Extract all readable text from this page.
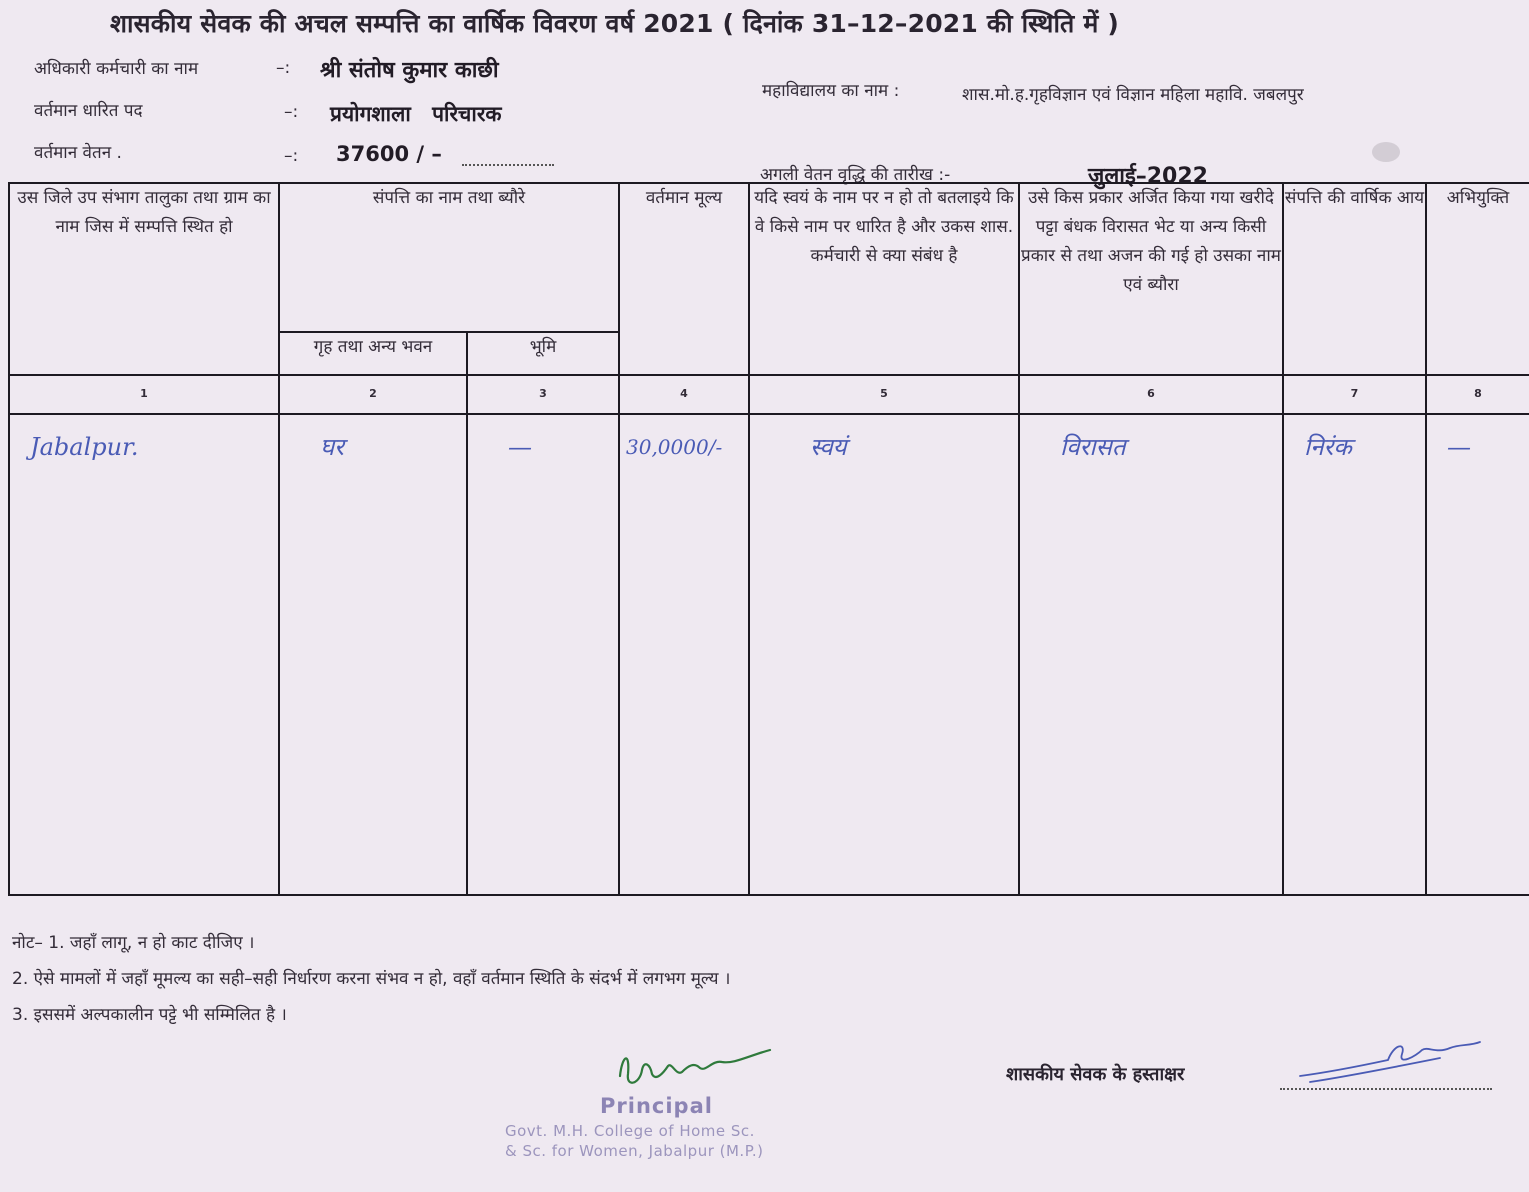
शासकीय सेवक की अचल सम्पत्ति का वार्षिक विवरण वर्ष 2021 ( दिनांक 31–12–2021 की स्थिति में )
अधिकारी कर्मचारी का नाम	–: श्री संतोष कुमार काछी
वर्तमान धारित पद	–: प्रयोगशाला परिचारक
वर्तमान वेतन .	–: 37600 / –
महाविद्यालय का नाम :	शास.मो.ह.गृहविज्ञान एवं विज्ञान महिला महावि. जबलपुर
अगली वेतन वृद्धि की तारीख :-	जुलाई–2022
उस जिले उप संभाग तालुका तथा ग्राम का नाम जिस में सम्पत्ति स्थित हो	संपत्ति का नाम तथा ब्यौरे		वर्तमान मूल्य	यदि स्वयं के नाम पर न हो तो बतलाइये कि वे किसे नाम पर धारित है और उकस शास. कर्मचारी से क्या संबंध है	उसे किस प्रकार अर्जित किया गया खरीदे पट्टा बंधक विरासत भेट या अन्य किसी प्रकार से तथा अजन की गई हो उसका नाम एवं ब्यौरा	संपत्ति की वार्षिक आय	अभियुक्ति
	गृह तथा अन्य भवन	भूमि					
1	2	3	4	5	6	7	8

Jabalpur.	घर	—	30,0000/-	स्वयं	विरासत	निरंक	—
नोट– 1. जहाँ लागू, न हो काट दीजिए ।
2. ऐसे मामलों में जहाँ मूमल्य का सही–सही निर्धारण करना संभव न हो, वहाँ वर्तमान स्थिति के संदर्भ में लगभग मूल्य ।
3. इससमें अल्पकालीन पट्टे भी सम्मिलित है ।
Principal
Govt. M.H. College of Home Sc.
& Sc. for Women, Jabalpur (M.P.)
शासकीय सेवक के हस्ताक्षर
